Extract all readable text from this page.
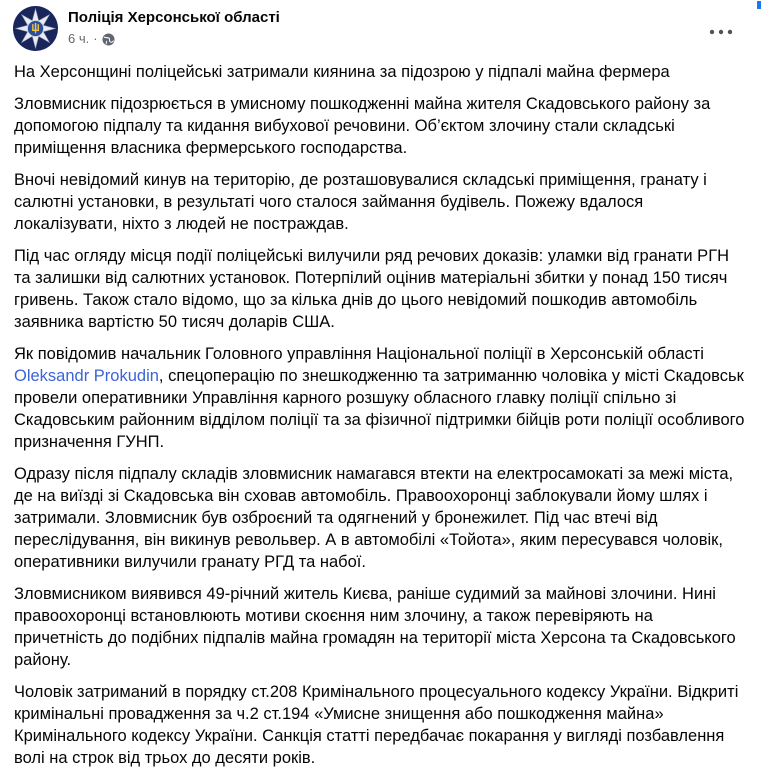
Поліція Херсонської області
6 ч. ·

На Херсонщині поліцейські затримали киянина за підозрою у підпалі майна фермера

Зловмисник підозрюється в умисному пошкодженні майна жителя Скадовського району за допомогою підпалу та кидання вибухової речовини. Об’єктом злочину стали складські приміщення власника фермерського господарства.

Вночі невідомий кинув на територію, де розташовувалися складські приміщення, гранату і салютні установки, в результаті чого сталося займання будівель. Пожежу вдалося локалізувати, ніхто з людей не постраждав.

Під час огляду місця події поліцейські вилучили ряд речових доказів: уламки від гранати РГН та залишки від салютних установок. Потерпілий оцінив матеріальні збитки у понад 150 тисяч гривень. Також стало відомо, що за кілька днів до цього невідомий пошкодив автомобіль заявника вартістю 50 тисяч доларів США.

Як повідомив начальник Головного управління Національної поліції в Херсонській області Oleksandr Prokudin, спецоперацію по знешкодженню та затриманню чоловіка у місті Скадовськ провели оперативники Управління карного розшуку обласного главку поліції спільно зі Скадовським районним відділом поліції та за фізичної підтримки бійців роти поліції особливого призначення ГУНП.

Одразу після підпалу складів зловмисник намагався втекти на електросамокаті за межі міста, де на виїзді зі Скадовська він сховав автомобіль. Правоохоронці заблокували йому шлях і затримали. Зловмисник був озброєний та одягнений у бронежилет. Під час втечі від переслідування, він викинув револьвер. А в автомобілі «Тойота», яким пересувався чоловік, оперативники вилучили гранату РГД та набої.

Зловмисником виявився 49-річний житель Києва, раніше судимий за майнові злочини. Нині правоохоронці встановлюють мотиви скоєння ним злочину, а також перевіряють на причетність до подібних підпалів майна громадян на території міста Херсона та Скадовського району.

Чоловік затриманий в порядку ст.208 Кримінального процесуального кодексу України. Відкриті кримінальні провадження за ч.2 ст.194 «Умисне знищення або пошкодження майна» Кримінального кодексу України. Санкція статті передбачає покарання у вигляді позбавлення волі на строк від трьох до десяти років.
